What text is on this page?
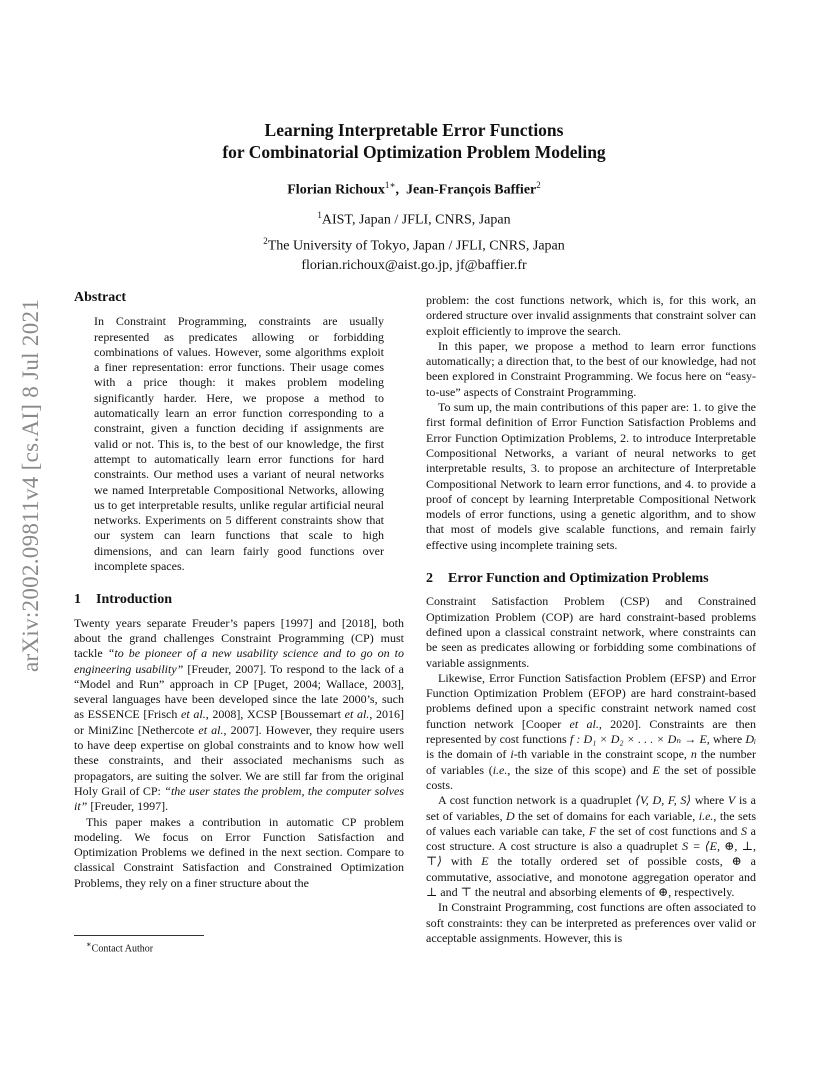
arXiv:2002.09811v4 [cs.AI] 8 Jul 2021
Learning Interpretable Error Functions
for Combinatorial Optimization Problem Modeling
Florian Richoux$^{1∗}$,  Jean-François Baffier$^2$
$^1$AIST, Japan / JFLI, CNRS, Japan
$^2$The University of Tokyo, Japan / JFLI, CNRS, Japan
florian.richoux@aist.go.jp, jf@baffier.fr

Abstract

In Constraint Programming, constraints are usually represented as predicates allowing or forbidding combinations of values. However, some algorithms exploit a finer representation: error functions. Their usage comes with a price though: it makes problem modeling significantly harder. Here, we propose a method to automatically learn an error function corresponding to a constraint, given a function deciding if assignments are valid or not. This is, to the best of our knowledge, the first attempt to automatically learn error functions for hard constraints. Our method uses a variant of neural networks we named Interpretable Compositional Networks, allowing us to get interpretable results, unlike regular artificial neural networks. Experiments on 5 different constraints show that our system can learn functions that scale to high dimensions, and can learn fairly good functions over incomplete spaces.

1 Introduction

Twenty years separate Freuder’s papers [1997] and [2018], both about the grand challenges Constraint Programming (CP) must tackle “to be pioneer of a new usability science and to go on to engineering usability” [Freuder, 2007]. To respond to the lack of a “Model and Run” approach in CP [Puget, 2004; Wallace, 2003], several languages have been developed since the late 2000’s, such as ESSENCE [Frisch et al., 2008], XCSP [Boussemart et al., 2016] or MiniZinc [Nethercote et al., 2007]. However, they require users to have deep expertise on global constraints and to know how well these constraints, and their associated mechanisms such as propagators, are suiting the solver. We are still far from the original Holy Grail of CP: “the user states the problem, the computer solves it” [Freuder, 1997].

This paper makes a contribution in automatic CP problem modeling. We focus on Error Function Satisfaction and Optimization Problems we defined in the next section. Compare to classical Constraint Satisfaction and Constrained Optimization Problems, they rely on a finer structure about the

problem: the cost functions network, which is, for this work, an ordered structure over invalid assignments that constraint solver can exploit efficiently to improve the search.

In this paper, we propose a method to learn error functions automatically; a direction that, to the best of our knowledge, had not been explored in Constraint Programming. We focus here on “easy-to-use” aspects of Constraint Programming.

To sum up, the main contributions of this paper are: 1. to give the first formal definition of Error Function Satisfaction Problems and Error Function Optimization Problems, 2. to introduce Interpretable Compositional Networks, a variant of neural networks to get interpretable results, 3. to propose an architecture of Interpretable Compositional Network to learn error functions, and 4. to provide a proof of concept by learning Interpretable Compositional Network models of error functions, using a genetic algorithm, and to show that most of models give scalable functions, and remain fairly effective using incomplete training sets.

2 Error Function and Optimization Problems

Constraint Satisfaction Problem (CSP) and Constrained Optimization Problem (COP) are hard constraint-based problems defined upon a classical constraint network, where constraints can be seen as predicates allowing or forbidding some combinations of variable assignments.

Likewise, Error Function Satisfaction Problem (EFSP) and Error Function Optimization Problem (EFOP) are hard constraint-based problems defined upon a specific constraint network named cost function network [Cooper et al., 2020]. Constraints are then represented by cost functions f : D₁ × D₂ × . . . × Dₙ → E, where Dᵢ is the domain of i-th variable in the constraint scope, n the number of variables (i.e., the size of this scope) and E the set of possible costs.

A cost function network is a quadruplet ⟨V, D, F, S⟩ where V is a set of variables, D the set of domains for each variable, i.e., the sets of values each variable can take, F the set of cost functions and S a cost structure. A cost structure is also a quadruplet S = ⟨E, ⊕, ⊥, ⊤⟩ with E the totally ordered set of possible costs, ⊕ a commutative, associative, and monotone aggregation operator and ⊥ and ⊤ the neutral and absorbing elements of ⊕, respectively.

In Constraint Programming, cost functions are often associated to soft constraints: they can be interpreted as preferences over valid or acceptable assignments. However, this is

∗Contact Author
